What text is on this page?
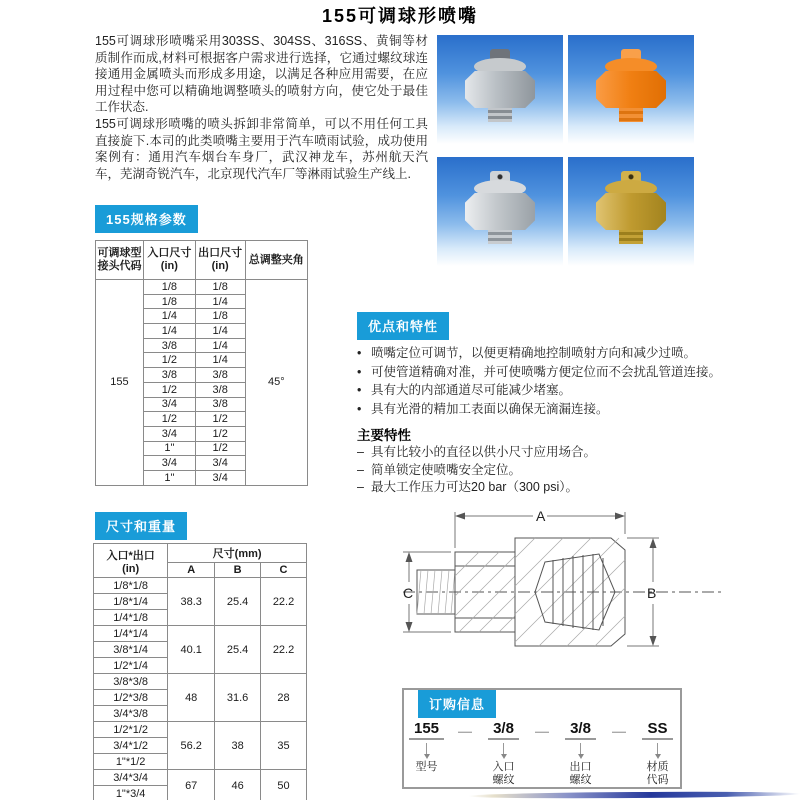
155可调球形喷嘴

155可调球形喷嘴采用303SS、304SS、316SS、黄铜等材质制作而成,材料可根据客户需求进行选择，它通过螺纹球连接通用金属喷头而形成多用途，以满足各种应用需要，在应用过程中您可以精确地调整喷头的喷射方向，使它处于最佳工作状态.

155可调球形喷嘴的喷头拆卸非常简单，可以不用任何工具直接旋下.本司的此类喷嘴主要用于汽车喷雨试验，成功使用案例有：通用汽车烟台车身厂，武汉神龙车，苏州航天汽车，芜湖奇锐汽车，北京现代汽车厂等淋雨试验生产线上.

155规格参数
可调球型
接头代码

入口尺寸
(in)

出口尺寸
(in)

总调整夹角

155	1/8	1/8	45°
	1/8	1/4	
	1/4	1/8	
	1/4	1/4	
	3/8	1/4	
	1/2	1/4	
	3/8	3/8	
	1/2	3/8	
	3/4	3/8	
	1/2	1/2	
	3/4	1/2	
	1"	1/2	
	3/4	3/4	
	1"	3/4	
优点和特性
• 喷嘴定位可调节，以便更精确地控制喷射方向和减少过喷。
• 可使管道精确对准，并可使喷嘴方便定位而不会扰乱管道连接。
• 具有大的内部通道尽可能减少堵塞。
• 具有光滑的精加工表面以确保无滴漏连接。
主要特性
– 具有比较小的直径以供小尺寸应用场合。
– 简单锁定使喷嘴安全定位。
– 最大工作压力可达20 bar（300 psi）。
尺寸和重量
入口*出口
(in)	尺寸(mm)		
	A	B	C
1/8*1/8	38.3	25.4	22.2
1/8*1/4			
1/4*1/8			
1/4*1/4	40.1	25.4	22.2
3/8*1/4			
1/2*1/4			
3/8*3/8	48	31.6	28
1/2*3/8			
3/4*3/8			
1/2*1/2	56.2	38	35
3/4*1/2			
1"*1/2			
3/4*3/4	67	46	50
1"*3/4			
A
C	B
订购信息
155
型号
—	3/8
入口
螺纹
—	3/8
出口
螺纹
—	SS
材质
代码
